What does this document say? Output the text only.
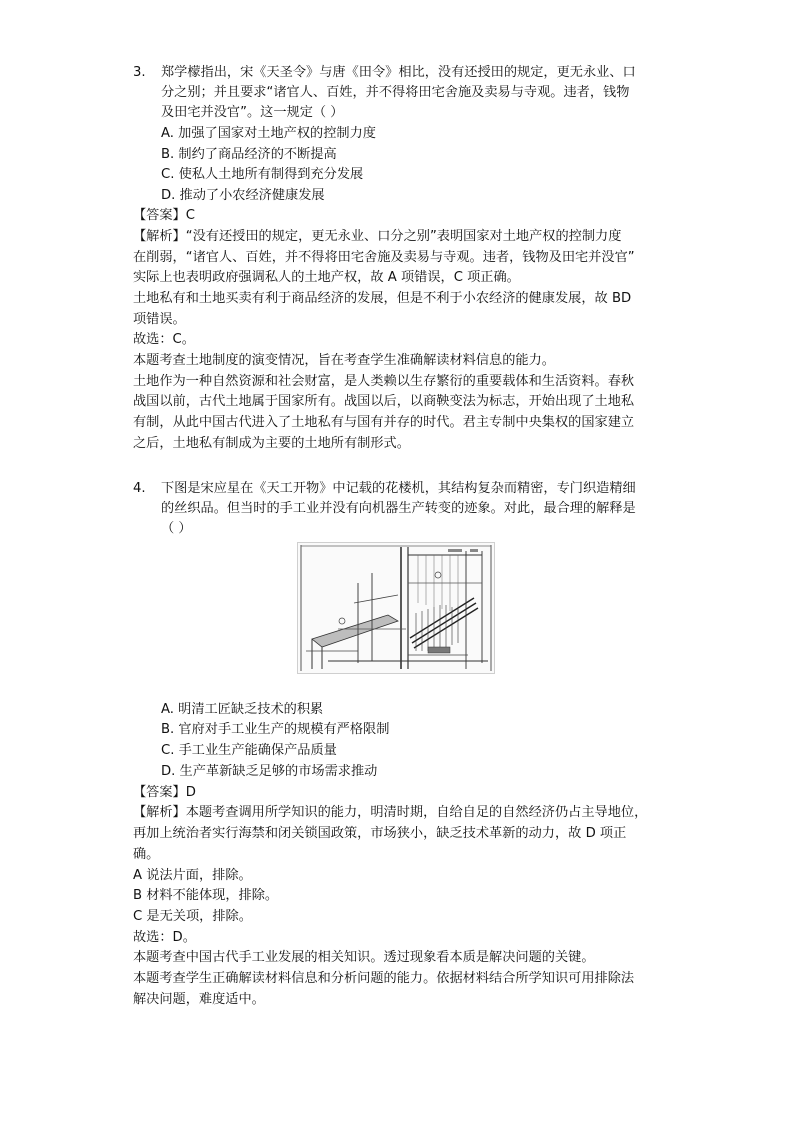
3. 郑学檬指出，宋《天圣令》与唐《田令》相比，没有还授田的规定，更无永业、口
分之别；并且要求“诸官人、百姓，并不得将田宅舍施及卖易与寺观。违者，钱物
及田宅并没官”。这一规定（ ）
A. 加强了国家对土地产权的控制力度
B. 制约了商品经济的不断提高
C. 使私人土地所有制得到充分发展
D. 推动了小农经济健康发展
【答案】C
【解析】“没有还授田的规定，更无永业、口分之别”表明国家对土地产权的控制力度
在削弱，“诸官人、百姓，并不得将田宅舍施及卖易与寺观。违者，钱物及田宅并没官”
实际上也表明政府强调私人的土地产权，故 A 项错误，C 项正确。
土地私有和土地买卖有利于商品经济的发展，但是不利于小农经济的健康发展，故 BD
项错误。
故选：C。
本题考查土地制度的演变情况，旨在考查学生准确解读材料信息的能力。
土地作为一种自然资源和社会财富，是人类赖以生存繁衍的重要载体和生活资料。春秋
战国以前，古代土地属于国家所有。战国以后，以商鞅变法为标志，开始出现了土地私
有制，从此中国古代进入了土地私有与国有并存的时代。君主专制中央集权的国家建立
之后，土地私有制成为主要的土地所有制形式。
4. 下图是宋应星在《天工开物》中记载的花楼机，其结构复杂而精密，专门织造精细
的丝织品。但当时的手工业并没有向机器生产转变的迹象。对此，最合理的解释是
（ ）
A. 明清工匠缺乏技术的积累
B. 官府对手工业生产的规模有严格限制
C. 手工业生产能确保产品质量
D. 生产革新缺乏足够的市场需求推动
【答案】D
【解析】本题考查调用所学知识的能力，明清时期，自给自足的自然经济仍占主导地位，
再加上统治者实行海禁和闭关锁国政策，市场狭小，缺乏技术革新的动力，故 D 项正
确。
A 说法片面，排除。
B 材料不能体现，排除。
C 是无关项，排除。
故选：D。
本题考查中国古代手工业发展的相关知识。透过现象看本质是解决问题的关键。
本题考查学生正确解读材料信息和分析问题的能力。依据材料结合所学知识可用排除法
解决问题，难度适中。
